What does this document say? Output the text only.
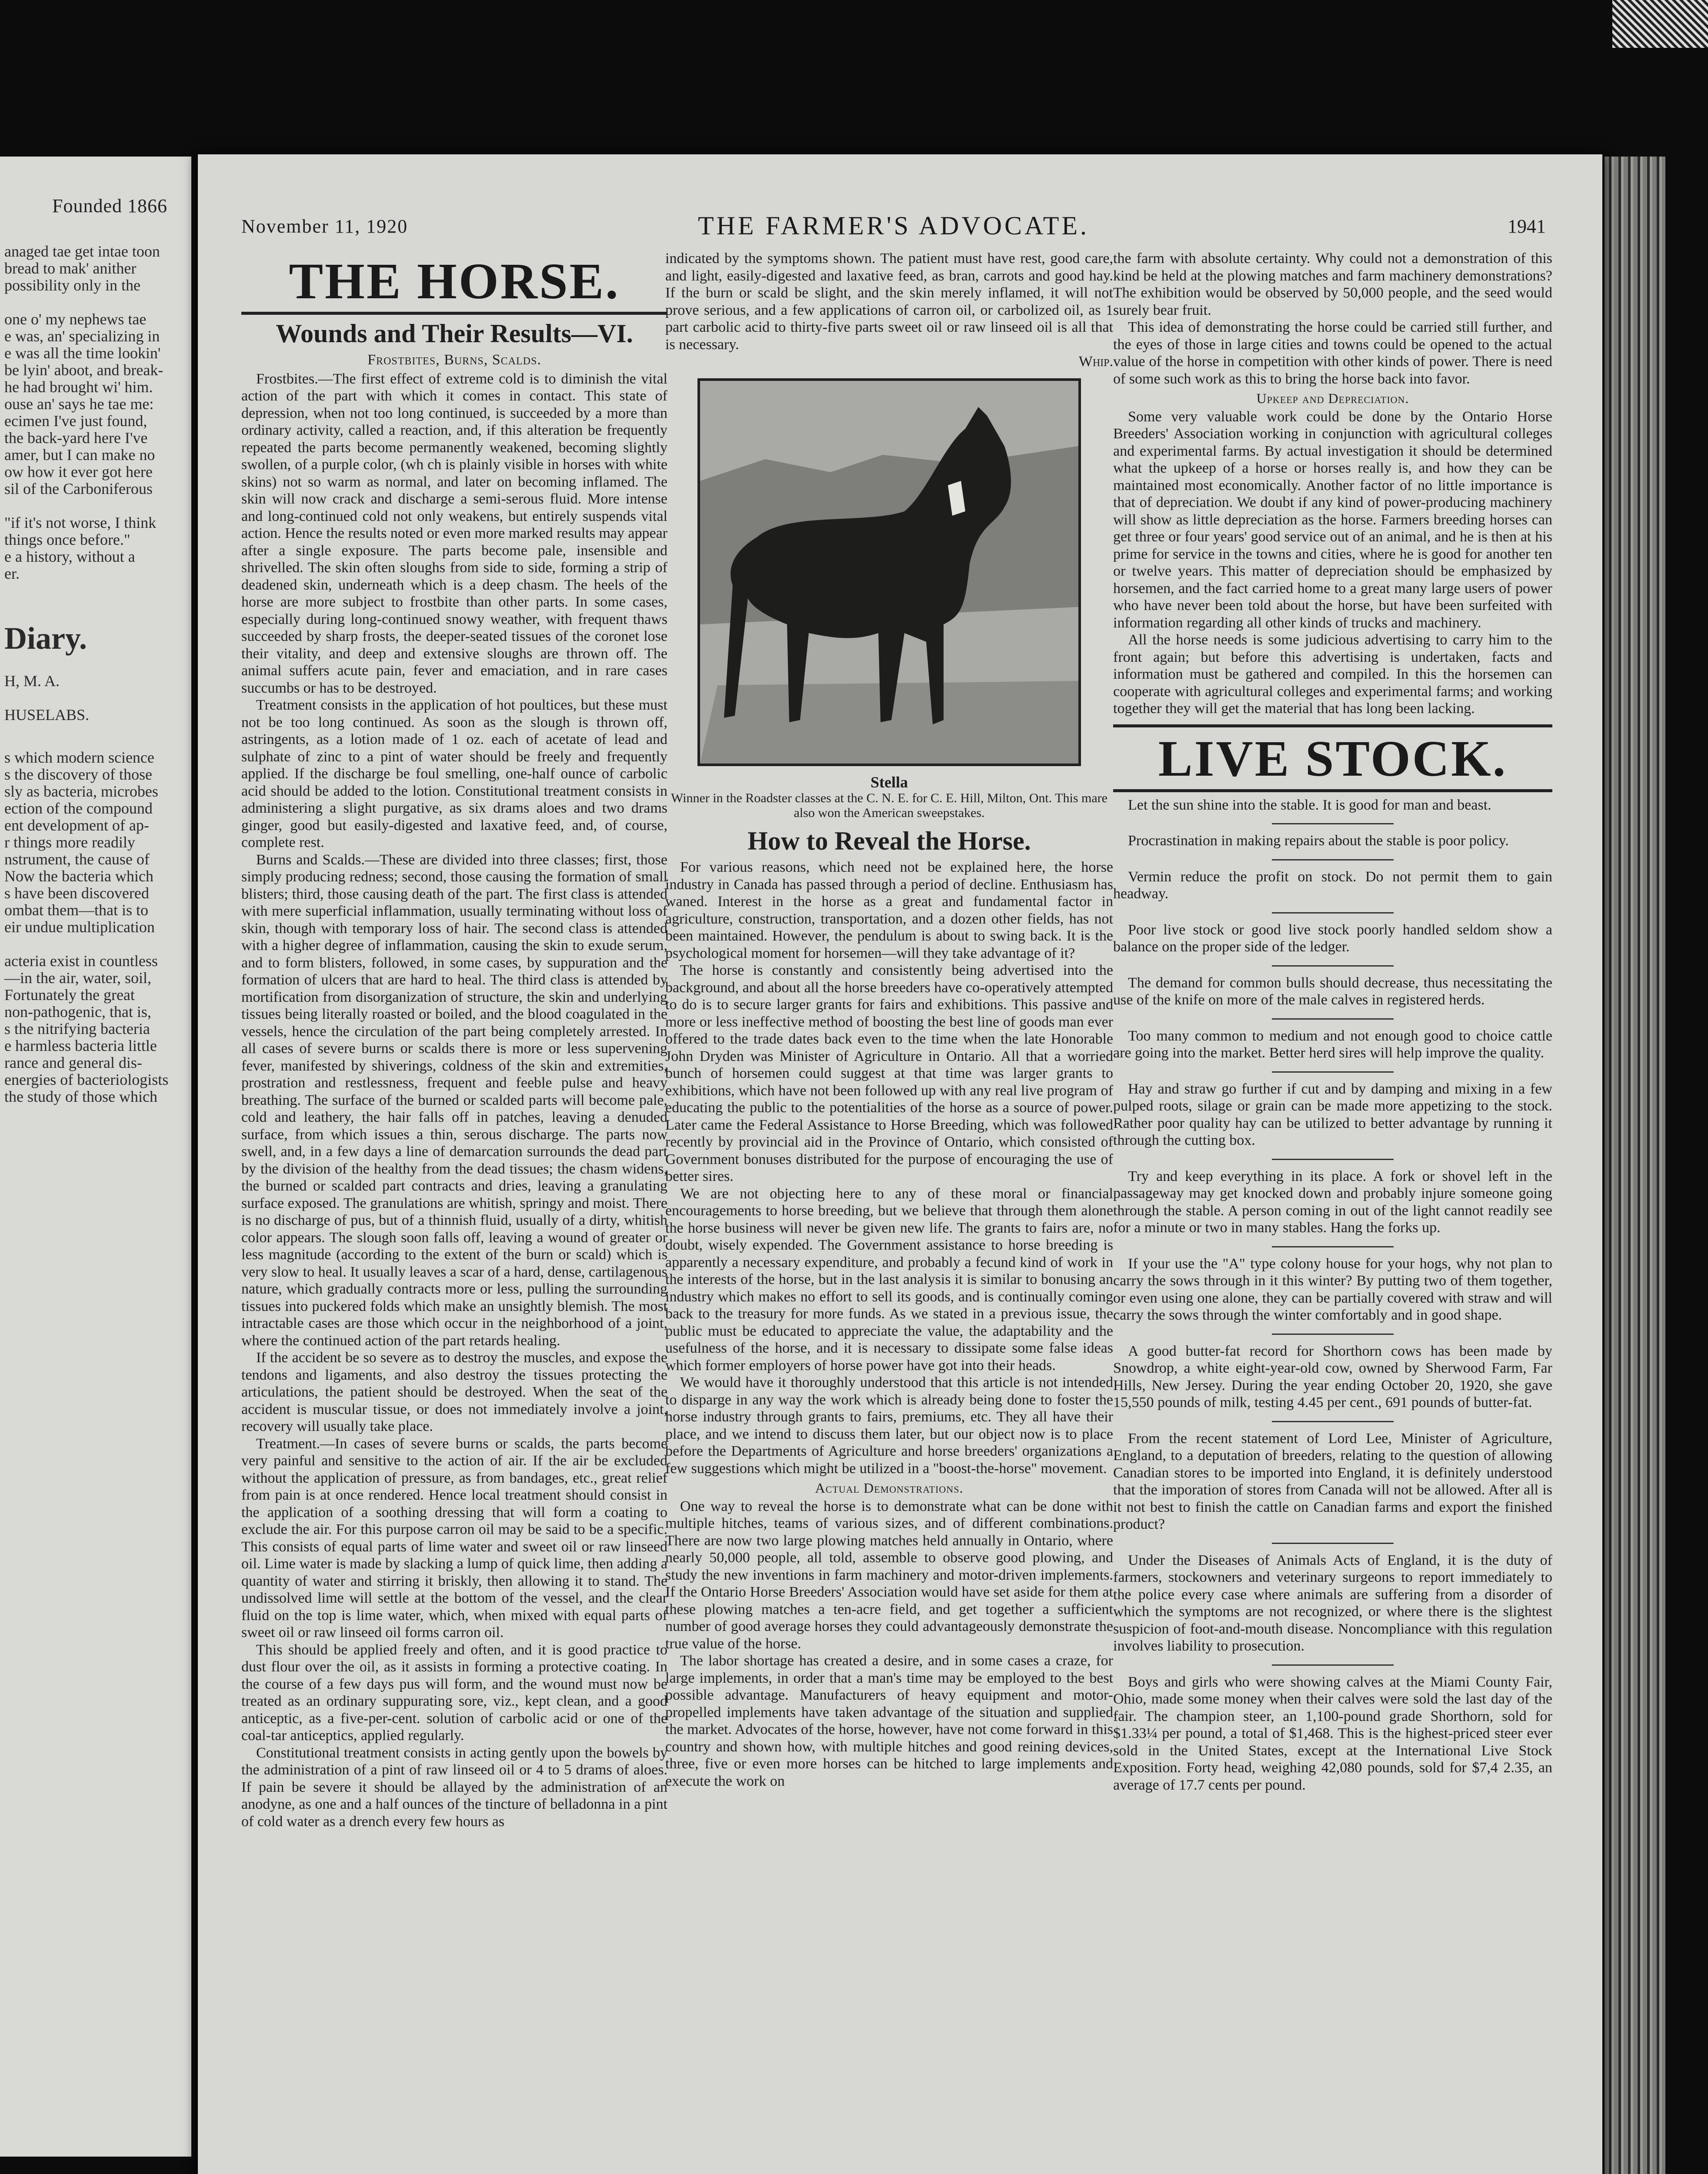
Founded 1866

anaged tae get intae toon
bread to mak' anither
possibility only in the
one o' my nephews tae
e was, an' specializing in
e was all the time lookin'
be lyin' aboot, and break-
he had brought wi' him.
ouse an' says he tae me:
ecimen I've just found,
the back-yard here I've
amer, but I can make no
ow how it ever got here
sil of the Carboniferous
"if it's not worse, I think
things once before."
e a history, without a
er.

Diary.

H, M. A.

HUSELABS.

s which modern science
s the discovery of those
sly as bacteria, microbes
ection of the compound
ent development of ap-
r things more readily
nstrument, the cause of
Now the bacteria which
s have been discovered
ombat them—that is to
eir undue multiplication
acteria exist in countless
—in the air, water, soil,
Fortunately the great
non-pathogenic, that is,
s the nitrifying bacteria
e harmless bacteria little
rance and general dis-
energies of bacteriologists
the study of those which

November 11, 1920	THE FARMER'S ADVOCATE.	1941
THE HORSE.
Wounds and Their Results—VI.
Frostbites, Burns, Scalds.

Frostbites.—The first effect of extreme cold is to diminish the vital action of the part with which it comes in contact. This state of depression, when not too long continued, is succeeded by a more than ordinary activity, called a reaction, and, if this alteration be frequently repeated the parts become permanently weakened, becoming slightly swollen, of a purple color, (wh ch is plainly visible in horses with white skins) not so warm as normal, and later on becoming inflamed. The skin will now crack and discharge a semi-serous fluid. More intense and long-continued cold not only weakens, but entirely suspends vital action. Hence the results noted or even more marked results may appear after a single exposure. The parts become pale, insensible and shrivelled. The skin often sloughs from side to side, forming a strip of deadened skin, underneath which is a deep chasm. The heels of the horse are more subject to frostbite than other parts. In some cases, especially during long-continued snowy weather, with frequent thaws succeeded by sharp frosts, the deeper-seated tissues of the coronet lose their vitality, and deep and extensive sloughs are thrown off. The animal suffers acute pain, fever and emaciation, and in rare cases succumbs or has to be destroyed.

Treatment consists in the application of hot poultices, but these must not be too long continued. As soon as the slough is thrown off, astringents, as a lotion made of 1 oz. each of acetate of lead and sulphate of zinc to a pint of water should be freely and frequently applied. If the discharge be foul smelling, one-half ounce of carbolic acid should be added to the lotion. Constitutional treatment consists in administering a slight purgative, as six drams aloes and two drams ginger, good but easily-digested and laxative feed, and, of course, complete rest.

Burns and Scalds.—These are divided into three classes; first, those simply producing redness; second, those causing the formation of small blisters; third, those causing death of the part. The first class is attended with mere superficial inflammation, usually terminating without loss of skin, though with temporary loss of hair. The second class is attended with a higher degree of inflammation, causing the skin to exude serum, and to form blisters, followed, in some cases, by suppuration and the formation of ulcers that are hard to heal. The third class is attended by mortification from disorganization of structure, the skin and underlying tissues being literally roasted or boiled, and the blood coagulated in the vessels, hence the circulation of the part being completely arrested. In all cases of severe burns or scalds there is more or less supervening fever, manifested by shiverings, coldness of the skin and extremities, prostration and restlessness, frequent and feeble pulse and heavy breathing. The surface of the burned or scalded parts will become pale, cold and leathery, the hair falls off in patches, leaving a denuded surface, from which issues a thin, serous discharge. The parts now swell, and, in a few days a line of demarcation surrounds the dead part by the division of the healthy from the dead tissues; the chasm widens, the burned or scalded part contracts and dries, leaving a granulating surface exposed. The granulations are whitish, springy and moist. There is no discharge of pus, but of a thinnish fluid, usually of a dirty, whitish color appears. The slough soon falls off, leaving a wound of greater or less magnitude (according to the extent of the burn or scald) which is very slow to heal. It usually leaves a scar of a hard, dense, cartilagenous nature, which gradually contracts more or less, pulling the surrounding tissues into puckered folds which make an unsightly blemish. The most intractable cases are those which occur in the neighborhood of a joint, where the continued action of the part retards healing.

If the accident be so severe as to destroy the muscles, and expose the tendons and ligaments, and also destroy the tissues protecting the articulations, the patient should be destroyed. When the seat of the accident is muscular tissue, or does not immediately involve a joint, recovery will usually take place.

Treatment.—In cases of severe burns or scalds, the parts become very painful and sensitive to the action of air. If the air be excluded without the application of pressure, as from bandages, etc., great relief from pain is at once rendered. Hence local treatment should consist in the application of a soothing dressing that will form a coating to exclude the air. For this purpose carron oil may be said to be a specific. This consists of equal parts of lime water and sweet oil or raw linseed oil. Lime water is made by slacking a lump of quick lime, then adding a quantity of water and stirring it briskly, then allowing it to stand. The undissolved lime will settle at the bottom of the vessel, and the clear fluid on the top is lime water, which, when mixed with equal parts of sweet oil or raw linseed oil forms carron oil.

This should be applied freely and often, and it is good practice to dust flour over the oil, as it assists in forming a protective coating. In the course of a few days pus will form, and the wound must now be treated as an ordinary suppurating sore, viz., kept clean, and a good anticeptic, as a five-per-cent. solution of carbolic acid or one of the coal-tar anticeptics, applied regularly.

Constitutional treatment consists in acting gently upon the bowels by the administration of a pint of raw linseed oil or 4 to 5 drams of aloes. If pain be severe it should be allayed by the administration of an anodyne, as one and a half ounces of the tincture of belladonna in a pint of cold water as a drench every few hours as

indicated by the symptoms shown. The patient must have rest, good care, and light, easily-digested and laxative feed, as bran, carrots and good hay. If the burn or scald be slight, and the skin merely inflamed, it will not prove serious, and a few applications of carron oil, or carbolized oil, as 1 part carbolic acid to thirty-five parts sweet oil or raw linseed oil is all that is necessary.

Whip.
Stella
Winner in the Roadster classes at the C. N. E. for C. E. Hill, Milton, Ont. This mare also won the American sweepstakes.
How to Reveal the Horse.

For various reasons, which need not be explained here, the horse industry in Canada has passed through a period of decline. Enthusiasm has waned. Interest in the horse as a great and fundamental factor in agriculture, construction, transportation, and a dozen other fields, has not been maintained. However, the pendulum is about to swing back. It is the psychological moment for horsemen—will they take advantage of it?

The horse is constantly and consistently being advertised into the background, and about all the horse breeders have co-operatively attempted to do is to secure larger grants for fairs and exhibitions. This passive and more or less ineffective method of boosting the best line of goods man ever offered to the trade dates back even to the time when the late Honorable John Dryden was Minister of Agriculture in Ontario. All that a worried bunch of horsemen could suggest at that time was larger grants to exhibitions, which have not been followed up with any real live program of educating the public to the potentialities of the horse as a source of power. Later came the Federal Assistance to Horse Breeding, which was followed recently by provincial aid in the Province of Ontario, which consisted of Government bonuses distributed for the purpose of encouraging the use of better sires.

We are not objecting here to any of these moral or financial encouragements to horse breeding, but we believe that through them alone the horse business will never be given new life. The grants to fairs are, no doubt, wisely expended. The Government assistance to horse breeding is apparently a necessary expenditure, and probably a fecund kind of work in the interests of the horse, but in the last analysis it is similar to bonusing an industry which makes no effort to sell its goods, and is continually coming back to the treasury for more funds. As we stated in a previous issue, the public must be educated to appreciate the value, the adaptability and the usefulness of the horse, and it is necessary to dissipate some false ideas which former employers of horse power have got into their heads.

We would have it thoroughly understood that this article is not intended to disparge in any way the work which is already being done to foster the horse industry through grants to fairs, premiums, etc. They all have their place, and we intend to discuss them later, but our object now is to place before the Departments of Agriculture and horse breeders' organizations a few suggestions which might be utilized in a "boost-the-horse" movement.

Actual Demonstrations.

One way to reveal the horse is to demonstrate what can be done with multiple hitches, teams of various sizes, and of different combinations. There are now two large plowing matches held annually in Ontario, where nearly 50,000 people, all told, assemble to observe good plowing, and study the new inventions in farm machinery and motor-driven implements. If the Ontario Horse Breeders' Association would have set aside for them at these plowing matches a ten-acre field, and get together a sufficient number of good average horses they could advantageously demonstrate the true value of the horse.

The labor shortage has created a desire, and in some cases a craze, for large implements, in order that a man's time may be employed to the best possible advantage. Manufacturers of heavy equipment and motor-propelled implements have taken advantage of the situation and supplied the market. Advocates of the horse, however, have not come forward in this country and shown how, with multiple hitches and good reining devices, three, five or even more horses can be hitched to large implements and execute the work on

the farm with absolute certainty. Why could not a demonstration of this kind be held at the plowing matches and farm machinery demonstrations? The exhibition would be observed by 50,000 people, and the seed would surely bear fruit.

This idea of demonstrating the horse could be carried still further, and the eyes of those in large cities and towns could be opened to the actual value of the horse in competition with other kinds of power. There is need of some such work as this to bring the horse back into favor.

Upkeep and Depreciation.

Some very valuable work could be done by the Ontario Horse Breeders' Association working in conjunction with agricultural colleges and experimental farms. By actual investigation it should be determined what the upkeep of a horse or horses really is, and how they can be maintained most economically. Another factor of no little importance is that of depreciation. We doubt if any kind of power-producing machinery will show as little depreciation as the horse. Farmers breeding horses can get three or four years' good service out of an animal, and he is then at his prime for service in the towns and cities, where he is good for another ten or twelve years. This matter of depreciation should be emphasized by horsemen, and the fact carried home to a great many large users of power who have never been told about the horse, but have been surfeited with information regarding all other kinds of trucks and machinery.

All the horse needs is some judicious advertising to carry him to the front again; but before this advertising is undertaken, facts and information must be gathered and compiled. In this the horsemen can cooperate with agricultural colleges and experimental farms; and working together they will get the material that has long been lacking.

LIVE STOCK.

Let the sun shine into the stable. It is good for man and beast.

Procrastination in making repairs about the stable is poor policy.

Vermin reduce the profit on stock. Do not permit them to gain headway.

Poor live stock or good live stock poorly handled seldom show a balance on the proper side of the ledger.

The demand for common bulls should decrease, thus necessitating the use of the knife on more of the male calves in registered herds.

Too many common to medium and not enough good to choice cattle are going into the market. Better herd sires will help improve the quality.

Hay and straw go further if cut and by damping and mixing in a few pulped roots, silage or grain can be made more appetizing to the stock. Rather poor quality hay can be utilized to better advantage by running it through the cutting box.

Try and keep everything in its place. A fork or shovel left in the passageway may get knocked down and probably injure someone going through the stable. A person coming in out of the light cannot readily see for a minute or two in many stables. Hang the forks up.

If your use the "A" type colony house for your hogs, why not plan to carry the sows through in it this winter? By putting two of them together, or even using one alone, they can be partially covered with straw and will carry the sows through the winter comfortably and in good shape.

A good butter-fat record for Shorthorn cows has been made by Snowdrop, a white eight-year-old cow, owned by Sherwood Farm, Far Hills, New Jersey. During the year ending October 20, 1920, she gave 15,550 pounds of milk, testing 4.45 per cent., 691 pounds of butter-fat.

From the recent statement of Lord Lee, Minister of Agriculture, England, to a deputation of breeders, relating to the question of allowing Canadian stores to be imported into England, it is definitely understood that the imporation of stores from Canada will not be allowed. After all is it not best to finish the cattle on Canadian farms and export the finished product?

Under the Diseases of Animals Acts of England, it is the duty of farmers, stockowners and veterinary surgeons to report immediately to the police every case where animals are suffering from a disorder of which the symptoms are not recognized, or where there is the slightest suspicion of foot-and-mouth disease. Noncompliance with this regulation involves liability to prosecution.

Boys and girls who were showing calves at the Miami County Fair, Ohio, made some money when their calves were sold the last day of the fair. The champion steer, an 1,100-pound grade Shorthorn, sold for $1.33¼ per pound, a total of $1,468. This is the highest-priced steer ever sold in the United States, except at the International Live Stock Exposition. Forty head, weighing 42,080 pounds, sold for $7,4 2.35, an average of 17.7 cents per pound.
